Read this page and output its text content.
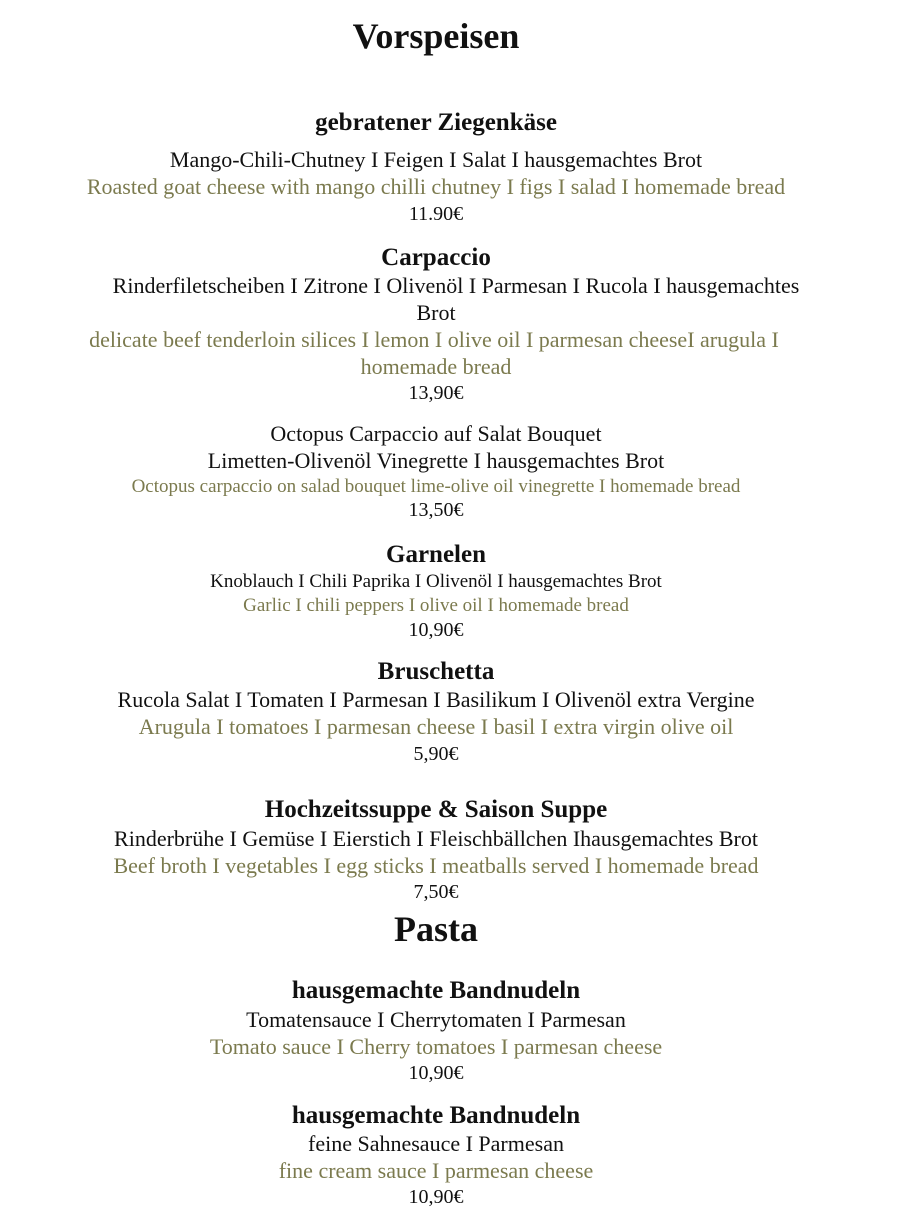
Vorspeisen
gebratener Ziegenkäse
Mango-Chili-Chutney I Feigen I Salat I hausgemachtes Brot
Roasted goat cheese with mango chilli chutney I figs I salad I homemade bread
11.90€
Carpaccio
Rinderfiletscheiben I Zitrone I Olivenöl I Parmesan I Rucola I hausgemachtes
Brot
delicate beef tenderloin silices I lemon I olive oil I parmesan cheeseI arugula I
homemade bread
13,90€
Octopus Carpaccio auf Salat Bouquet
Limetten-Olivenöl Vinegrette I hausgemachtes Brot
Octopus carpaccio on salad bouquet lime-olive oil vinegrette I homemade bread
13,50€
Garnelen
Knoblauch I Chili Paprika I Olivenöl I hausgemachtes Brot
Garlic I chili peppers I olive oil I homemade bread
10,90€
Bruschetta
Rucola Salat I Tomaten I Parmesan I Basilikum I Olivenöl extra Vergine
Arugula I tomatoes I parmesan cheese I basil I extra virgin olive oil
5,90€
Hochzeitssuppe & Saison Suppe
Rinderbrühe I Gemüse I Eierstich I Fleischbällchen Ihausgemachtes Brot
Beef broth I vegetables I egg sticks I meatballs served I homemade bread
7,50€
Pasta
hausgemachte Bandnudeln
Tomatensauce I Cherrytomaten I Parmesan
Tomato sauce I Cherry tomatoes I parmesan cheese
10,90€
hausgemachte Bandnudeln
feine Sahnesauce I Parmesan
fine cream sauce I parmesan cheese
10,90€
